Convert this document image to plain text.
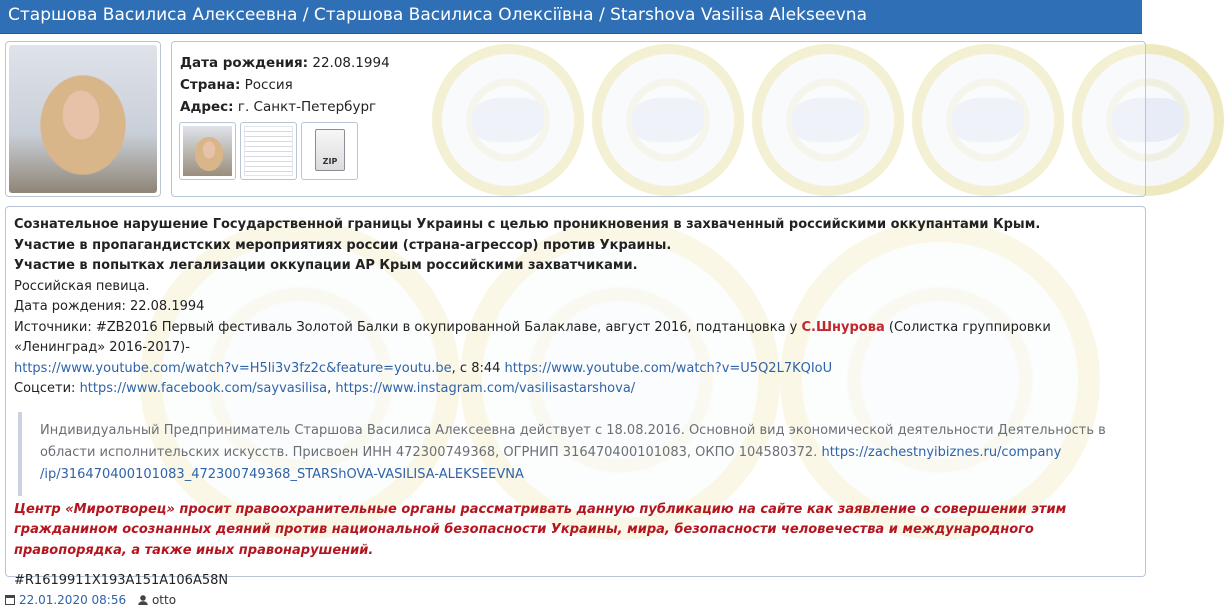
Старшова Василиса Алексеевна / Старшова Василиса Олексіївна / Starshova Vasilisa Alekseevna
Дата рождения: 22.08.1994
Страна: Россия
Адрес: г. Санкт-Петербург
ZIP
Сознательное нарушение Государственной границы Украины с целью проникновения в захваченный российскими оккупантами Крым.
Участие в пропагандистских мероприятиях россии (страна-агрессор) против Украины.
Участие в попытках легализации оккупации АР Крым российскими захватчиками.
Российская певица.
Дата рождения: 22.08.1994
Источники: #ZB2016 Первый фестиваль Золотой Балки в окупированной Балаклаве, август 2016, подтанцовка у С.Шнурова (Солистка группировки «Ленинград» 2016-2017)-
https://www.youtube.com/watch?v=H5li3v3fz2c&feature=youtu.be, с 8:44 https://www.youtube.com/watch?v=U5Q2L7KQIoU
Соцсети: https://www.facebook.com/sayvasilisa, https://www.instagram.com/vasilisastarshova/
Индивидуальный Предприниматель Старшова Василиса Алексеевна действует с 18.08.2016. Основной вид экономической деятельности Деятельность в области исполнительских искусств. Присвоен ИНН 472300749368, ОГРНИП 316470400101083, ОКПО 104580372. https://zachestnyibiznes.ru/company
/ip/316470400101083_472300749368_STARShOVA-VASILISA-ALEKSEEVNA
Центр «Миротворец» просит правоохранительные органы рассматривать данную публикацию на сайте как заявление о совершении этим гражданином осознанных деяний против национальной безопасности Украины, мира, безопасности человечества и международного правопорядка, а также иных правонарушений.
#R1619911X193A151A106A58N
22.01.2020 08:56 otto
